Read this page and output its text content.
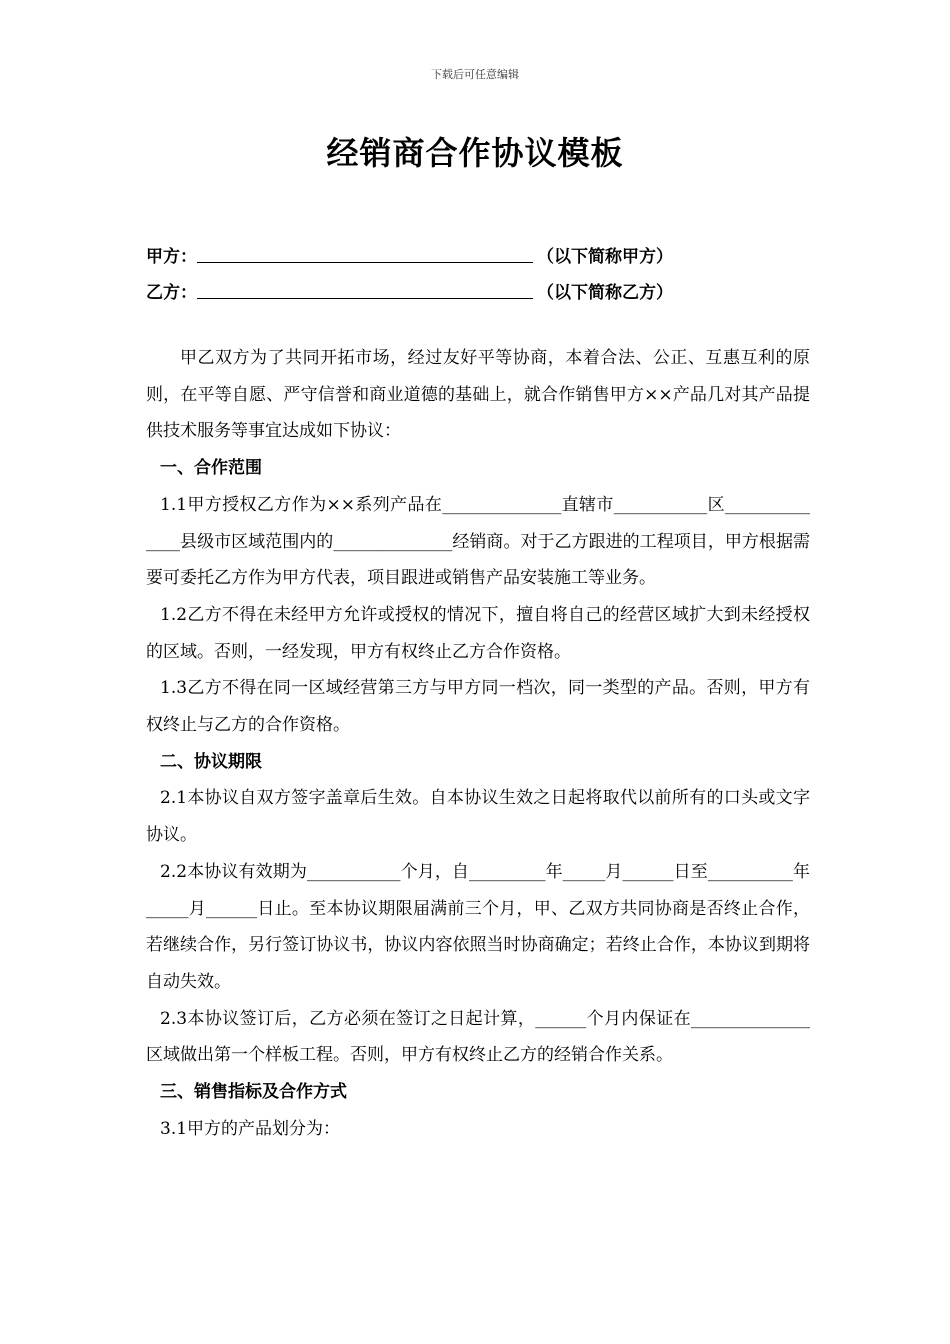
下载后可任意编辑
经销商合作协议模板
甲方：	（以下简称甲方）
乙方：	（以下简称乙方）

甲乙双方为了共同开拓市场，经过友好平等协商，本着合法、公正、互惠互利的原则，在平等自愿、严守信誉和商业道德的基础上，就合作销售甲方××产品几对其产品提供技术服务等事宜达成如下协议：

一、合作范围

1.1甲方授权乙方作为××系列产品在______________直辖市___________区______________县级市区域范围内的______________经销商。对于乙方跟进的工程项目，甲方根据需要可委托乙方作为甲方代表，项目跟进或销售产品安装施工等业务。

1.2乙方不得在未经甲方允许或授权的情况下，擅自将自己的经营区域扩大到未经授权的区域。否则，一经发现，甲方有权终止乙方合作资格。

1.3乙方不得在同一区域经营第三方与甲方同一档次，同一类型的产品。否则，甲方有权终止与乙方的合作资格。

二、协议期限

2.1本协议自双方签字盖章后生效。自本协议生效之日起将取代以前所有的口头或文字协议。

2.2本协议有效期为___________个月，自_________年_____月______日至__________年_____月______日止。至本协议期限届满前三个月，甲、乙双方共同协商是否终止合作，若继续合作，另行签订协议书，协议内容依照当时协商确定；若终止合作，本协议到期将自动失效。

2.3本协议签订后，乙方必须在签订之日起计算，______个月内保证在______________区域做出第一个样板工程。否则，甲方有权终止乙方的经销合作关系。

三、销售指标及合作方式

3.1甲方的产品划分为：
